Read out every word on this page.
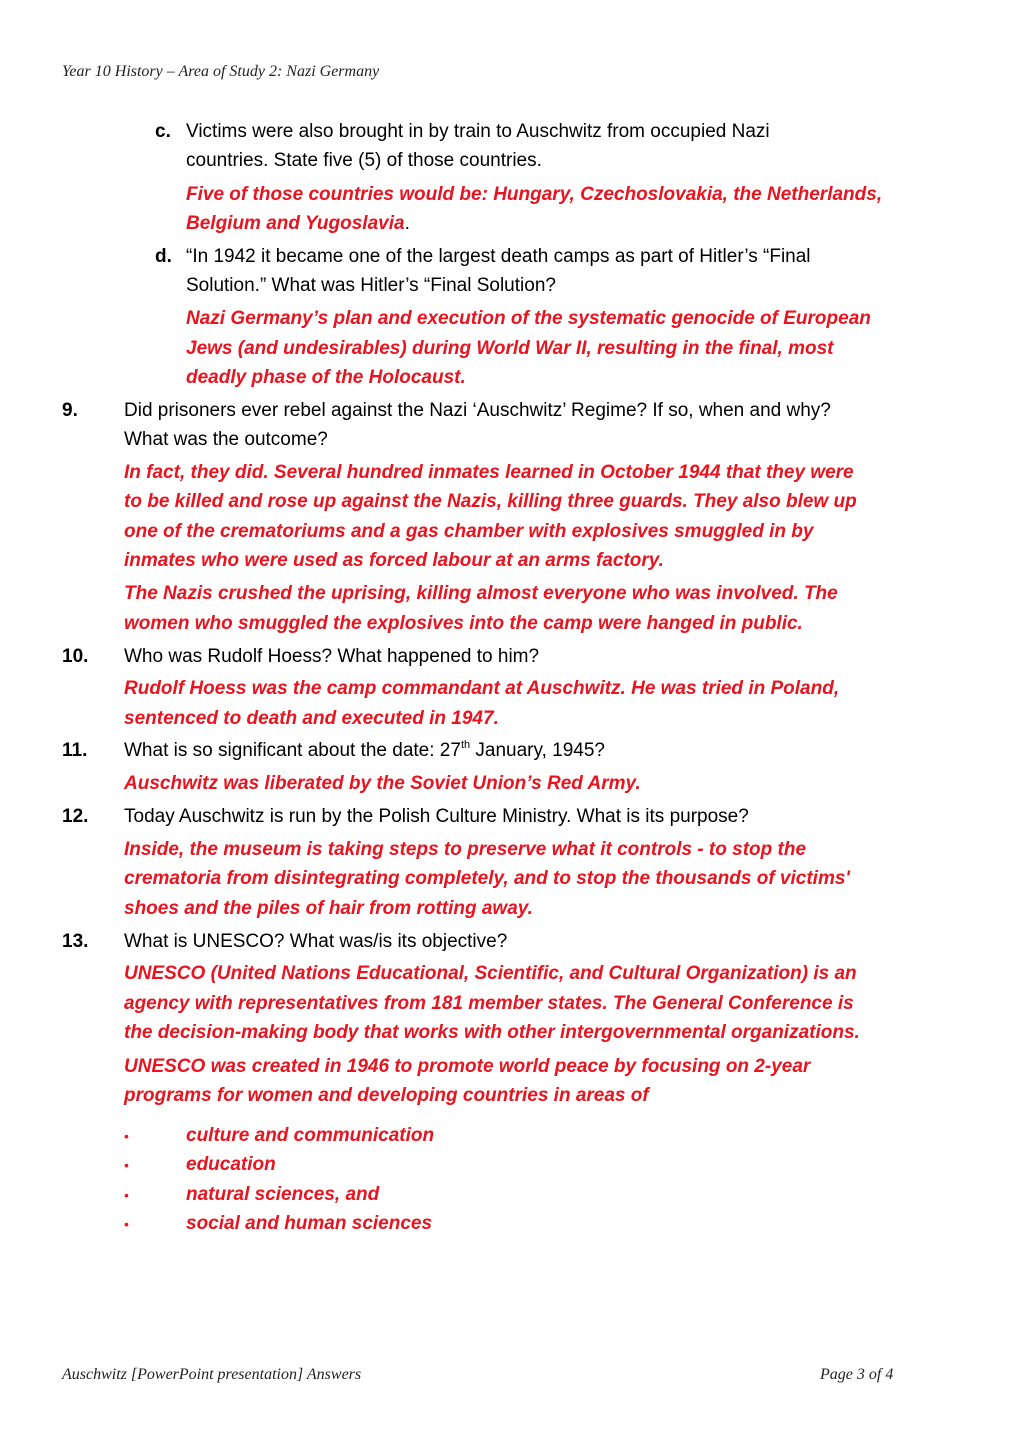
Year 10 History – Area of Study 2: Nazi Germany
c. Victims were also brought in by train to Auschwitz from occupied Nazi
countries. State five (5) of those countries.
Five of those countries would be: Hungary, Czechoslovakia, the Netherlands,
Belgium and Yugoslavia.
d. “In 1942 it became one of the largest death camps as part of Hitler’s “Final
Solution.” What was Hitler’s “Final Solution?
Nazi Germany’s plan and execution of the systematic genocide of European
Jews (and undesirables) during World War II, resulting in the final, most
deadly phase of the Holocaust.
9. Did prisoners ever rebel against the Nazi ‘Auschwitz’ Regime? If so, when and why?
What was the outcome?
In fact, they did. Several hundred inmates learned in October 1944 that they were
to be killed and rose up against the Nazis, killing three guards. They also blew up
one of the crematoriums and a gas chamber with explosives smuggled in by
inmates who were used as forced labour at an arms factory.
The Nazis crushed the uprising, killing almost everyone who was involved. The
women who smuggled the explosives into the camp were hanged in public.
10. Who was Rudolf Hoess? What happened to him?
Rudolf Hoess was the camp commandant at Auschwitz. He was tried in Poland,
sentenced to death and executed in 1947.
11. What is so significant about the date: 27th January, 1945?
Auschwitz was liberated by the Soviet Union’s Red Army.
12. Today Auschwitz is run by the Polish Culture Ministry. What is its purpose?
Inside, the museum is taking steps to preserve what it controls - to stop the
crematoria from disintegrating completely, and to stop the thousands of victims'
shoes and the piles of hair from rotting away.
13. What is UNESCO? What was/is its objective?
UNESCO (United Nations Educational, Scientific, and Cultural Organization) is an
agency with representatives from 181 member states. The General Conference is
the decision-making body that works with other intergovernmental organizations.
UNESCO was created in 1946 to promote world peace by focusing on 2-year
programs for women and developing countries in areas of
•	culture and communication
•	education
•	natural sciences, and
•	social and human sciences
Auschwitz [PowerPoint presentation] Answers	Page 3 of 4
